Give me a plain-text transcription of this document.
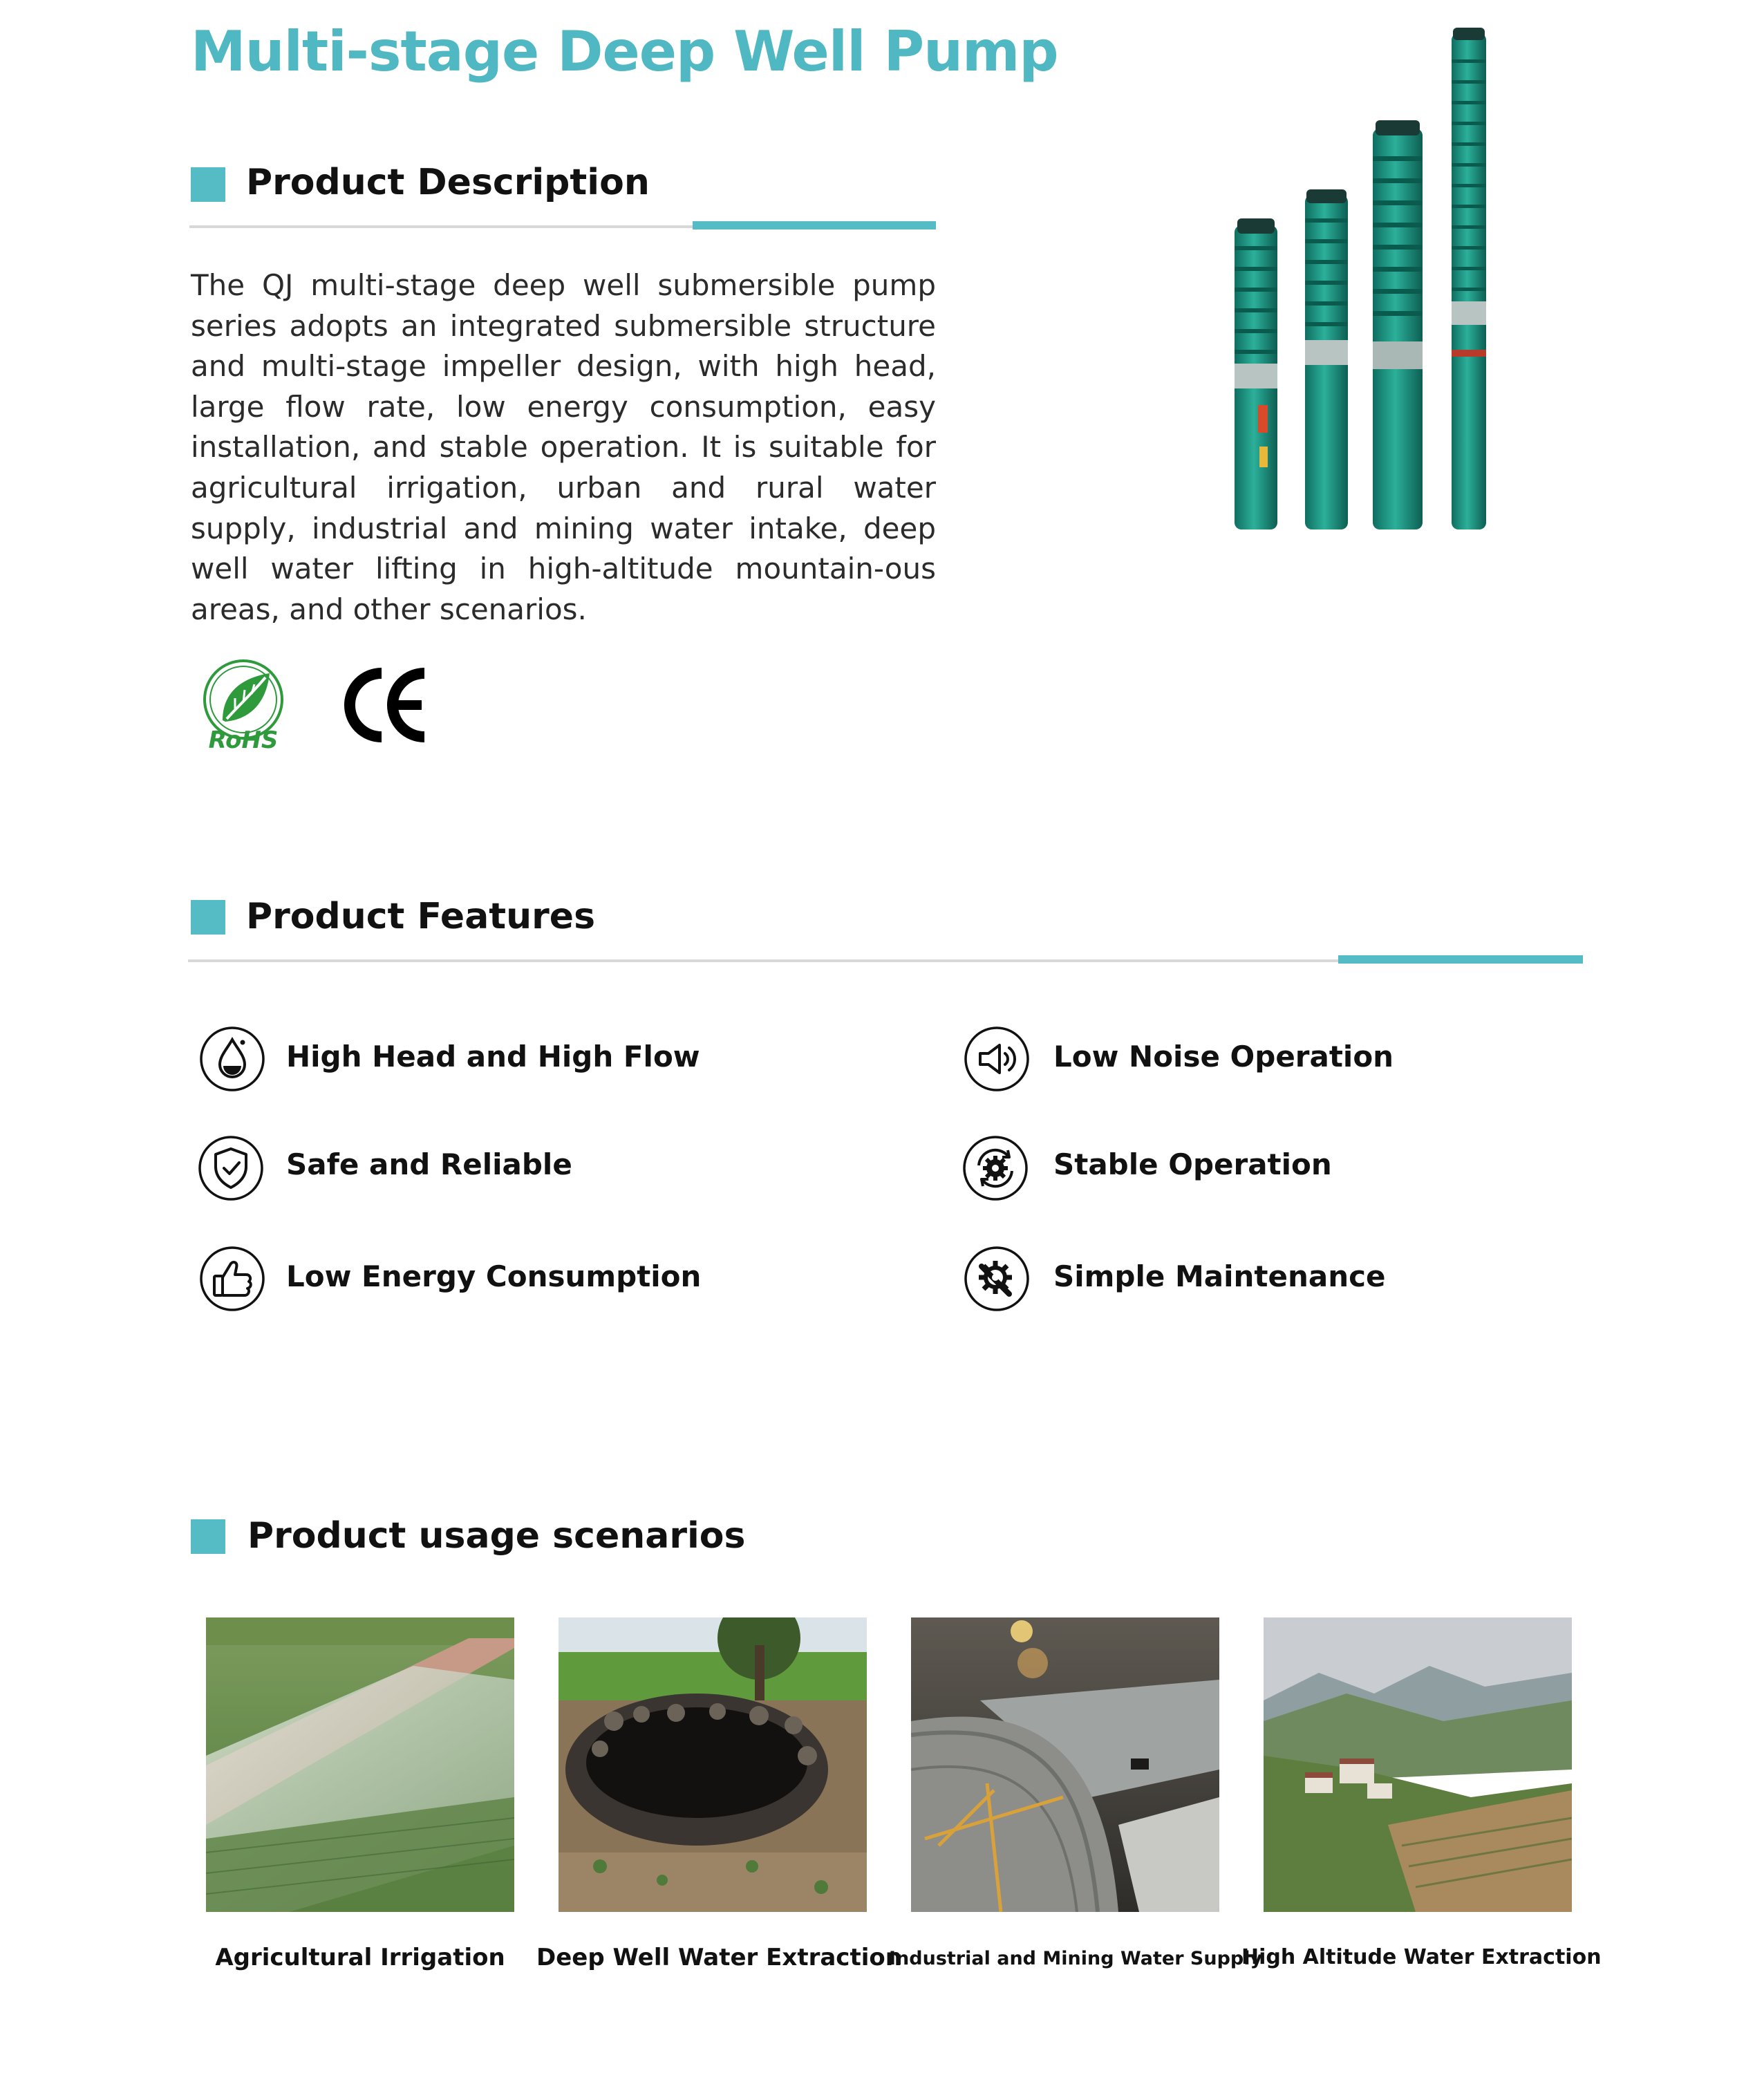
Multi-stage Deep Well Pump
Product Description

The QJ multi-stage deep well submersible pump series adopts an integrated submersible structure and multi-stage impeller design, with high head, large flow rate, low energy consumption, easy installation, and stable operation. It is suitable for agricultural irrigation, urban and rural water supply, industrial and mining water intake, deep well water lifting in high-altitude mountain-ous areas, and other scenarios.

RoHS
CE
Product Features
High Head and High Flow	Low Noise Operation
Safe and Reliable	Stable Operation
Low Energy Consumption	Simple Maintenance
Product usage scenarios
Agricultural Irrigation	Deep Well Water Extraction
Industrial and Mining Water Supply
High Altitude Water Extraction
